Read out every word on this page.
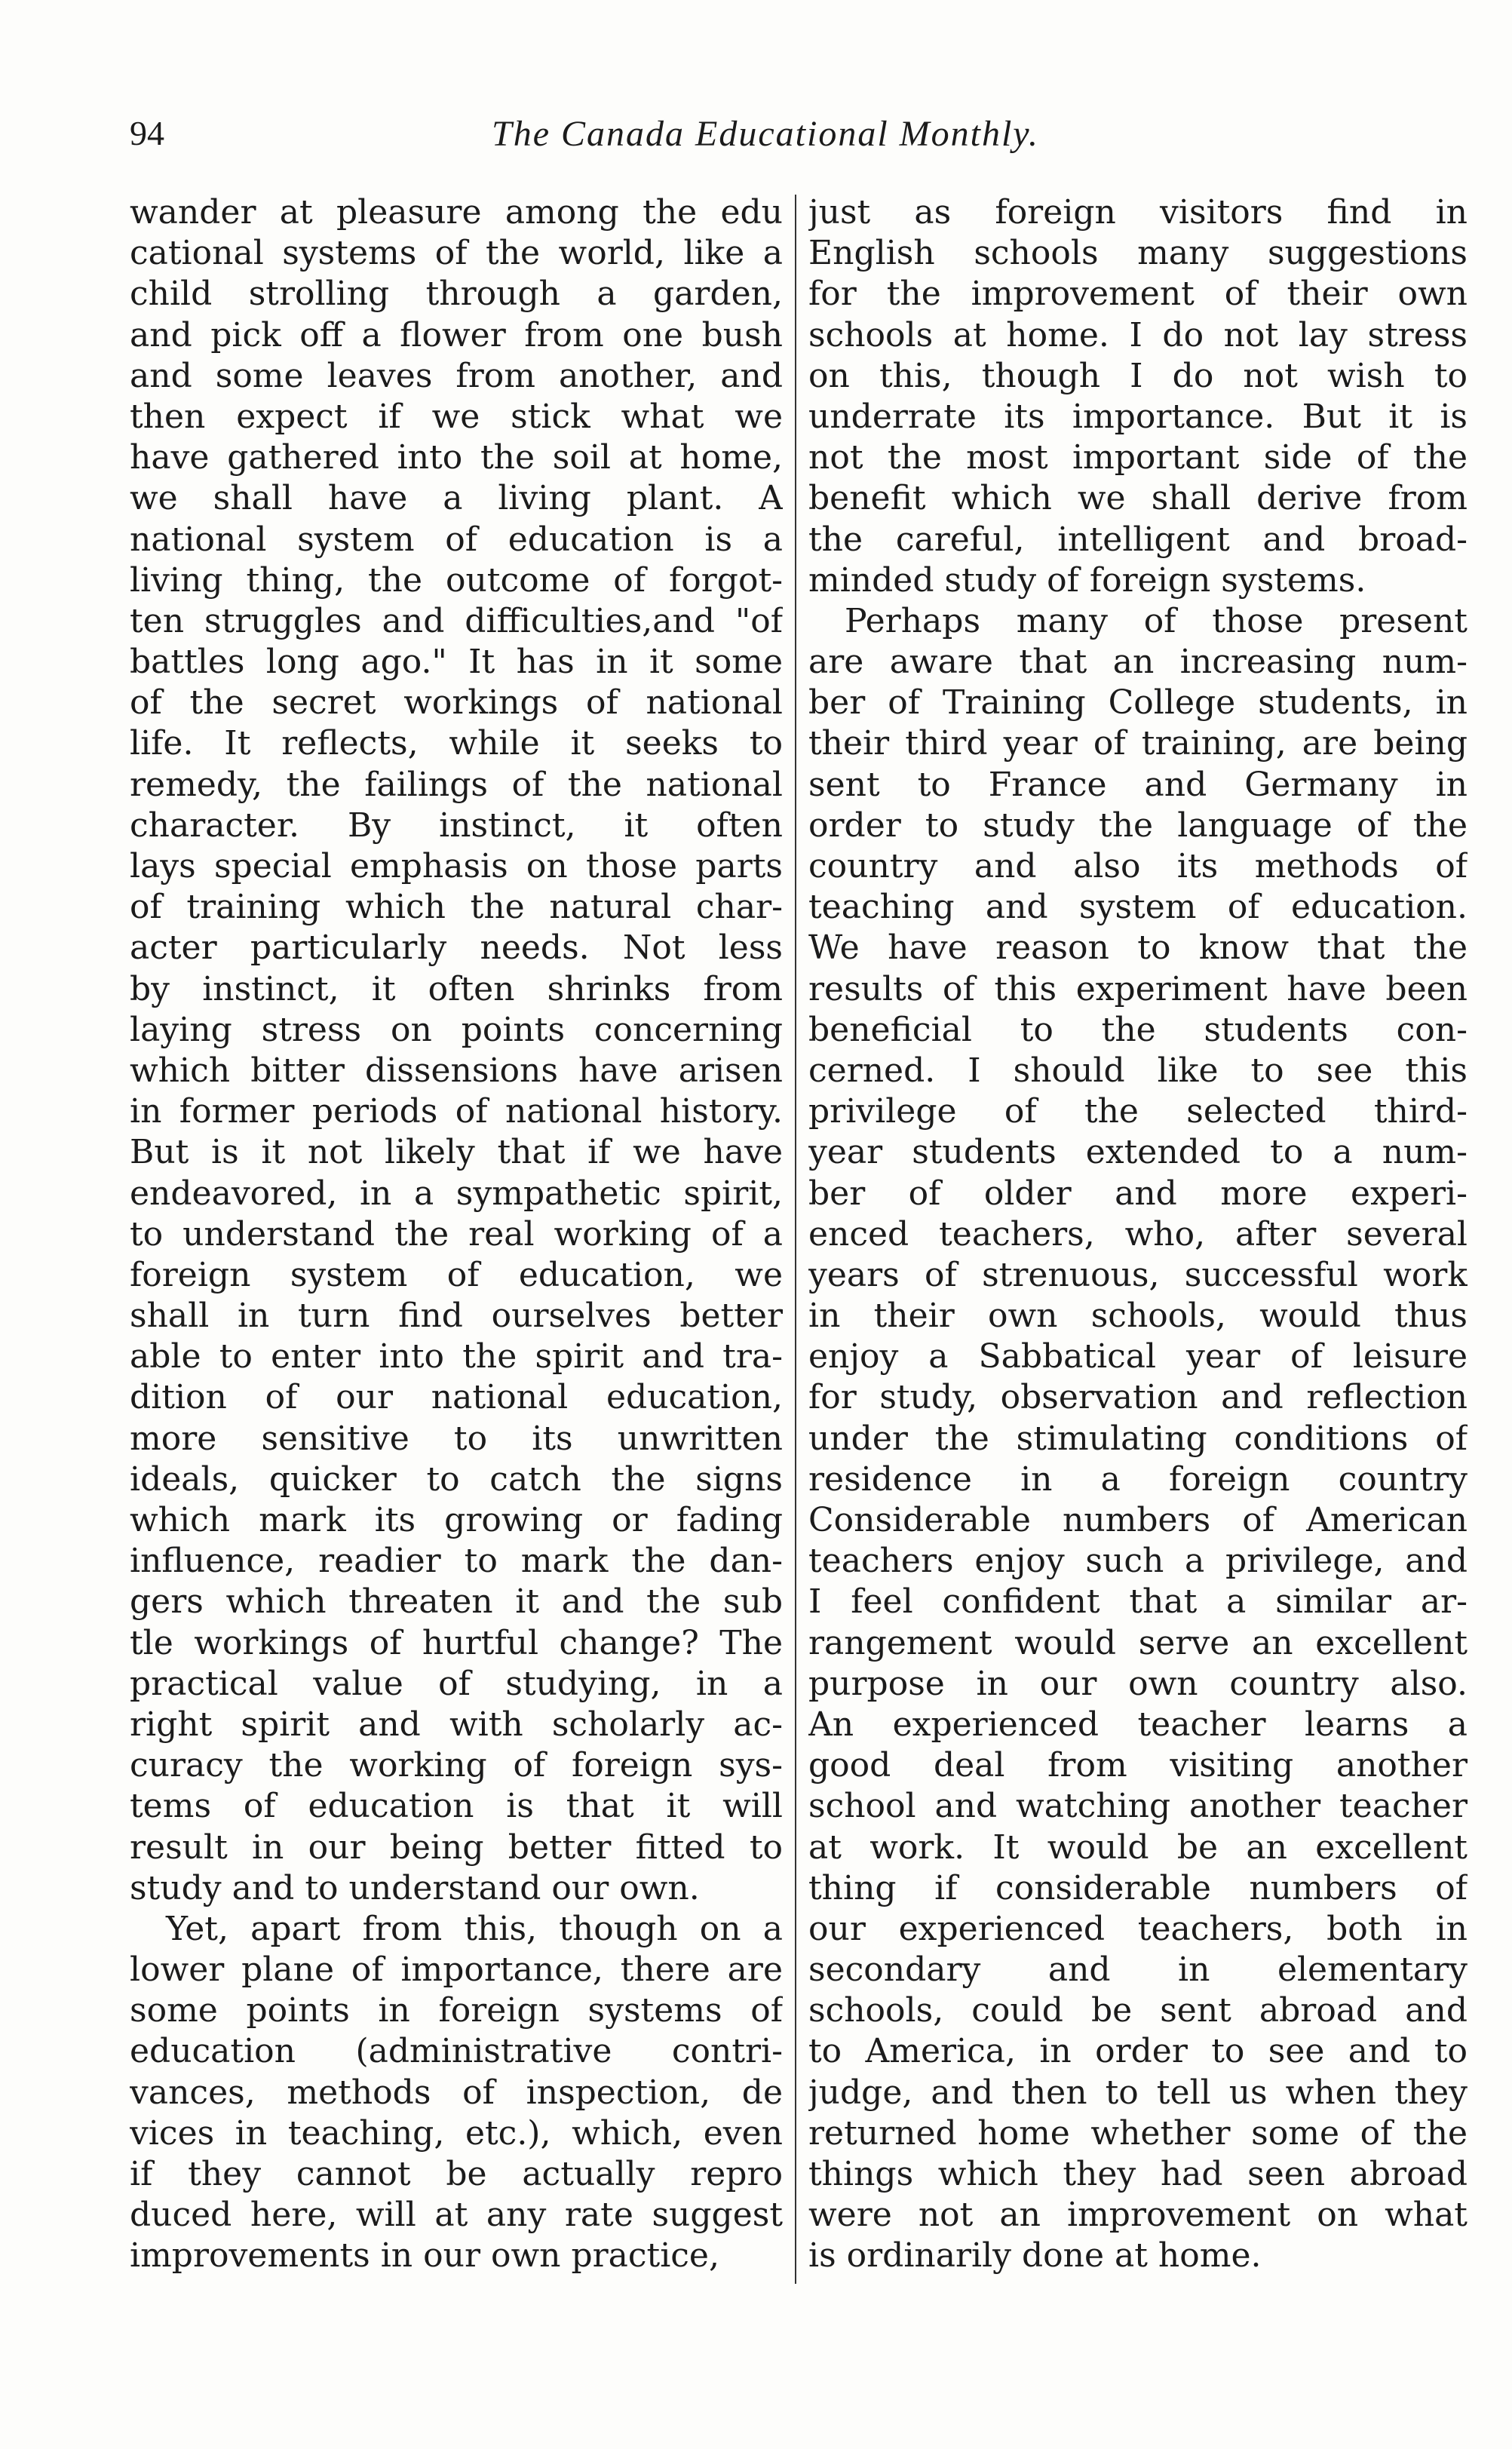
94	The Canada Educational Monthly.
wander at pleasure among the edu
cational systems of the world, like a
child strolling through a garden,
and pick off a flower from one bush
and some leaves from another, and
then expect if we stick what we
have gathered into the soil at home,
we shall have a living plant. A
national system of education is a
living thing, the outcome of forgot-
ten struggles and difficulties,and "of
battles long ago." It has in it some
of the secret workings of national
life. It reflects, while it seeks to
remedy, the failings of the national
character. By instinct, it often
lays special emphasis on those parts
of training which the natural char-
acter particularly needs. Not less
by instinct, it often shrinks from
laying stress on points concerning
which bitter dissensions have arisen
in former periods of national history.
But is it not likely that if we have
endeavored, in a sympathetic spirit,
to understand the real working of a
foreign system of education, we
shall in turn find ourselves better
able to enter into the spirit and tra-
dition of our national education,
more sensitive to its unwritten
ideals, quicker to catch the signs
which mark its growing or fading
influence, readier to mark the dan-
gers which threaten it and the sub
tle workings of hurtful change? The
practical value of studying, in a
right spirit and with scholarly ac-
curacy the working of foreign sys-
tems of education is that it will
result in our being better fitted to
study and to understand our own.
Yet, apart from this, though on a
lower plane of importance, there are
some points in foreign systems of
education (administrative contri-
vances, methods of inspection, de
vices in teaching, etc.), which, even
if they cannot be actually repro
duced here, will at any rate suggest
improvements in our own practice,
just as foreign visitors find in
English schools many suggestions
for the improvement of their own
schools at home. I do not lay stress
on this, though I do not wish to
underrate its importance. But it is
not the most important side of the
benefit which we shall derive from
the careful, intelligent and broad-
minded study of foreign systems.
Perhaps many of those present
are aware that an increasing num-
ber of Training College students, in
their third year of training, are being
sent to France and Germany in
order to study the language of the
country and also its methods of
teaching and system of education.
We have reason to know that the
results of this experiment have been
beneficial to the students con-
cerned. I should like to see this
privilege of the selected third-
year students extended to a num-
ber of older and more experi-
enced teachers, who, after several
years of strenuous, successful work
in their own schools, would thus
enjoy a Sabbatical year of leisure
for study, observation and reflection
under the stimulating conditions of
residence in a foreign country
Considerable numbers of American
teachers enjoy such a privilege, and
I feel confident that a similar ar-
rangement would serve an excellent
purpose in our own country also.
An experienced teacher learns a
good deal from visiting another
school and watching another teacher
at work. It would be an excellent
thing if considerable numbers of
our experienced teachers, both in
secondary and in elementary
schools, could be sent abroad and
to America, in order to see and to
judge, and then to tell us when they
returned home whether some of the
things which they had seen abroad
were not an improvement on what
is ordinarily done at home.
